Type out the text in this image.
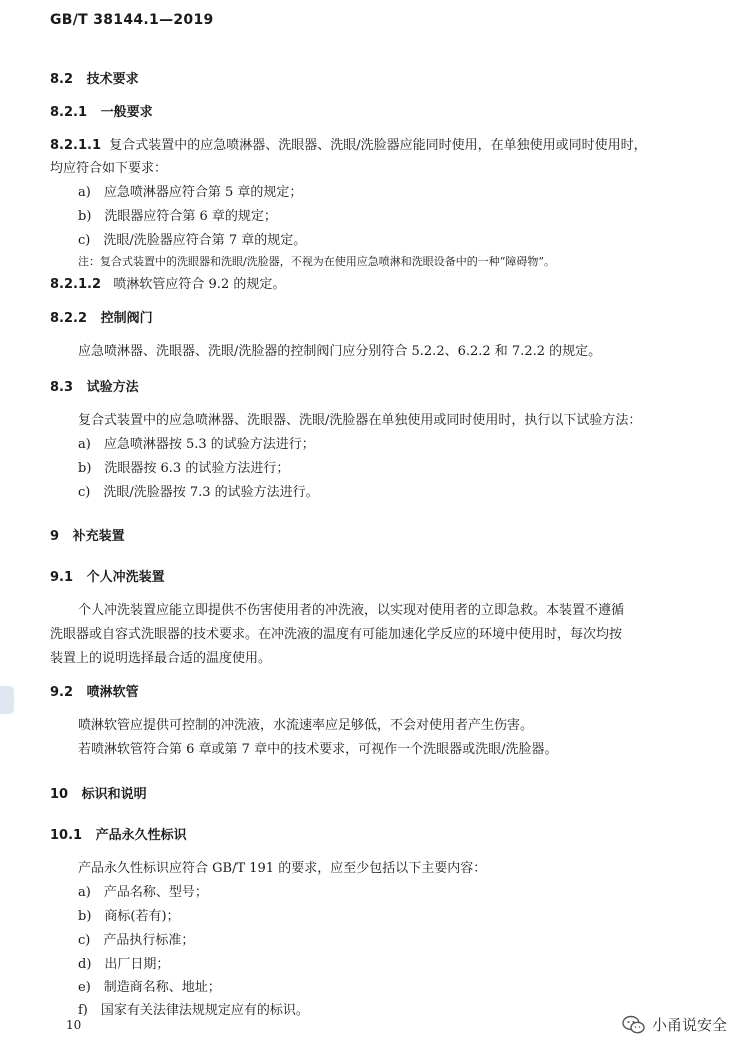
GB/T 38144.1—2019
8.2 技术要求
8.2.1 一般要求
8.2.1.1 复合式装置中的应急喷淋器、洗眼器、洗眼/洗脸器应能同时使用，在单独使用或同时使用时，
均应符合如下要求：
a)　应急喷淋器应符合第 5 章的规定；
b)　洗眼器应符合第 6 章的规定；
c)　洗眼/洗脸器应符合第 7 章的规定。
注：复合式装置中的洗眼器和洗眼/洗脸器，不视为在使用应急喷淋和洗眼设备中的一种“障碍物”。
8.2.1.2 喷淋软管应符合 9.2 的规定。
8.2.2 控制阀门
应急喷淋器、洗眼器、洗眼/洗脸器的控制阀门应分别符合 5.2.2、6.2.2 和 7.2.2 的规定。
8.3 试验方法
复合式装置中的应急喷淋器、洗眼器、洗眼/洗脸器在单独使用或同时使用时，执行以下试验方法：
a)　应急喷淋器按 5.3 的试验方法进行；
b)　洗眼器按 6.3 的试验方法进行；
c)　洗眼/洗脸器按 7.3 的试验方法进行。
9 补充装置
9.1 个人冲洗装置
个人冲洗装置应能立即提供不伤害使用者的冲洗液，以实现对使用者的立即急救。本装置不遵循
洗眼器或自容式洗眼器的技术要求。在冲洗液的温度有可能加速化学反应的环境中使用时，每次均按
装置上的说明选择最合适的温度使用。
9.2 喷淋软管
喷淋软管应提供可控制的冲洗液，水流速率应足够低，不会对使用者产生伤害。
若喷淋软管符合第 6 章或第 7 章中的技术要求，可视作一个洗眼器或洗眼/洗脸器。
10 标识和说明
10.1 产品永久性标识
产品永久性标识应符合 GB/T 191 的要求，应至少包括以下主要内容：
a)　产品名称、型号；
b)　商标(若有)；
c)　产品执行标准；
d)　出厂日期；
e)　制造商名称、地址；
f)　国家有关法律法规规定应有的标识。
10	小甬说安全
